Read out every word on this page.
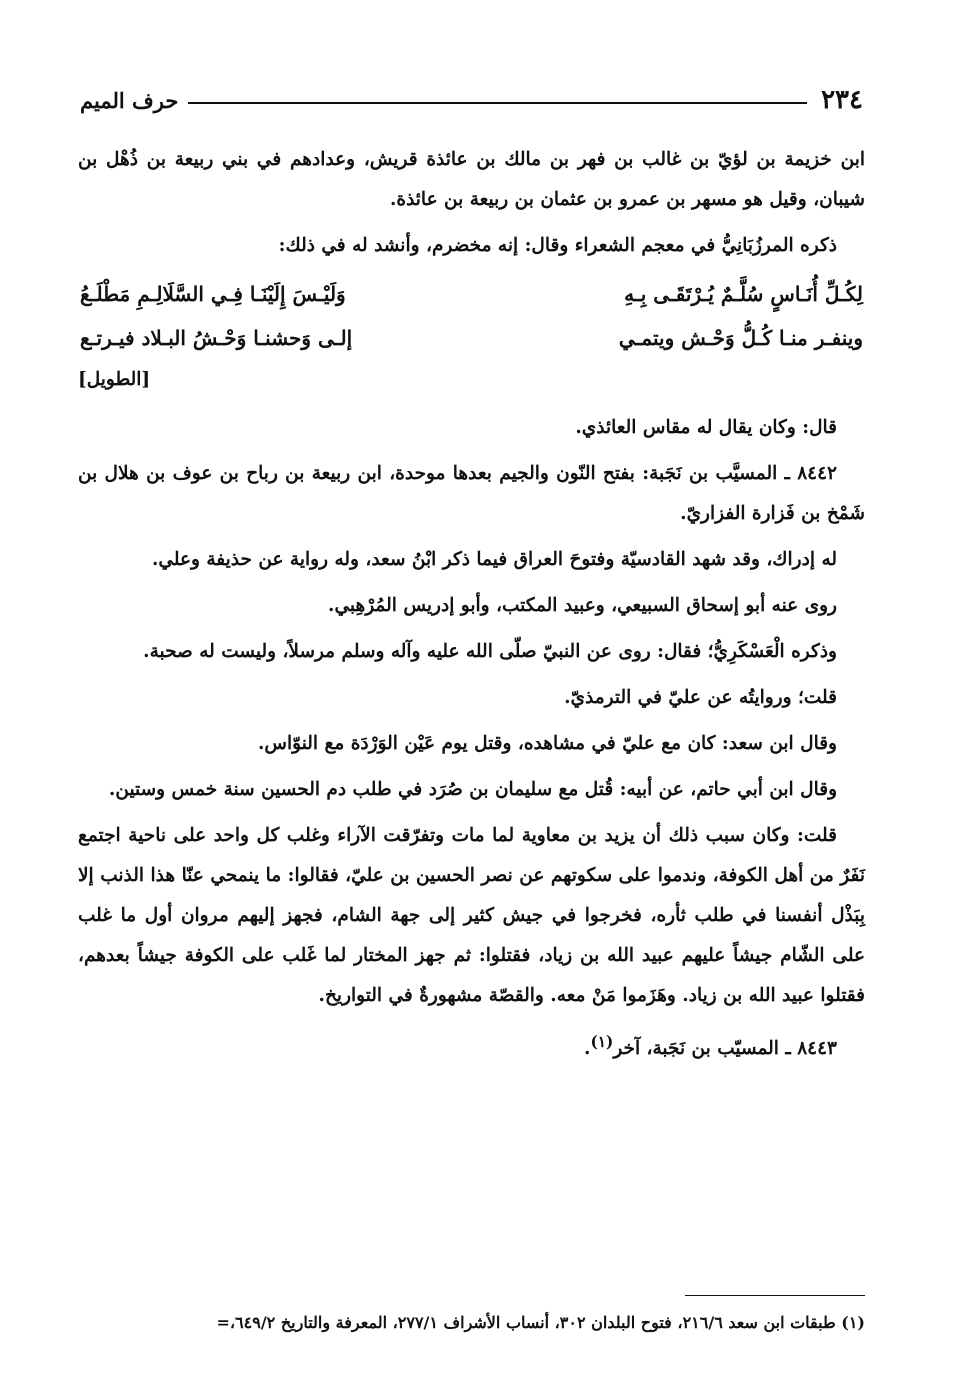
٢٣٤
حرف الميم

ابن خزيمة بن لؤيّ بن غالب بن فهر بن مالك بن عائذة قريش، وعدادهم في بني ربيعة بن ذُهْل بن شيبان، وقيل هو مسهر بن عمرو بن عثمان بن ربيعة بن عائذة.

ذكره المرزُبَانِيُّ في معجم الشعراء وقال: إنه مخضرم، وأنشد له في ذلك:

لِكُـلِّ أُنَـاسٍ سُلَّـمٌ يُـرْتَقَـى بِـهِ
وَلَيْـسَ إِلَيْنَـا فِـي السَّلَالِـمِ مَطْلَـعُ
وينفـر منـا كُـلُّ وَحْـش ويتمـي
إلـى وَحشنـا وَحْـشُ البـلاد فيـرتـع
[الطويل]

قال: وكان يقال له مقاس العائذي.

٨٤٤٢ ـ المسيَّب بن نَجَبة: بفتح النّون والجيم بعدها موحدة، ابن ربيعة بن رباح بن عوف بن هلال بن شَمْخ بن فَزارة الفزاريّ.

له إدراك، وقد شهد القادسيّة وفتوحَ العراق فيما ذكر ابْنُ سعد، وله رواية عن حذيفة وعلي.

روى عنه أبو إسحاق السبيعي، وعبيد المكتب، وأبو إدريس المُرْهِبي.

وذكره الْعَسْكَرِيُّ؛ فقال: روى عن النبيّ صلّى الله عليه وآله وسلم مرسلاً، وليست له صحبة.

قلت؛ وروايتُه عن عليّ في الترمذيّ.

وقال ابن سعد: كان مع عليّ في مشاهده، وقتل يوم عَيْن الوَرْدَة مع النوّاس.

وقال ابن أبي حاتم، عن أبيه: قُتل مع سليمان بن صُرَد في طلب دم الحسين سنة خمس وستين.

قلت: وكان سبب ذلك أن يزيد بن معاوية لما مات وتفرّقت الآراء وغلب كل واحد على ناحية اجتمع نَفَرٌ من أهل الكوفة، وندموا على سكوتهم عن نصر الحسين بن عليّ، فقالوا: ما ينمحي عنّا هذا الذنب إلا بِبَذْل أنفسنا في طلب ثأره، فخرجوا في جيش كثير إلى جهة الشام، فجهز إليهم مروان أول ما غلب على الشّام جيشاً عليهم عبيد الله بن زياد، فقتلوا: ثم جهز المختار لما غَلب على الكوفة جيشاً بعدهم، فقتلوا عبيد الله بن زياد. وهَزَموا مَنْ معه. والقصّة مشهورةٌ في التواريخ.

٨٤٤٣ ـ المسيّب بن نَجَبة، آخر$^{(١)}$.

(١) طبقات ابن سعد ٢١٦/٦، فتوح البلدان ٣٠٢، أنساب الأشراف ٢٧٧/١، المعرفة والتاريخ ٦٤٩/٢،=
